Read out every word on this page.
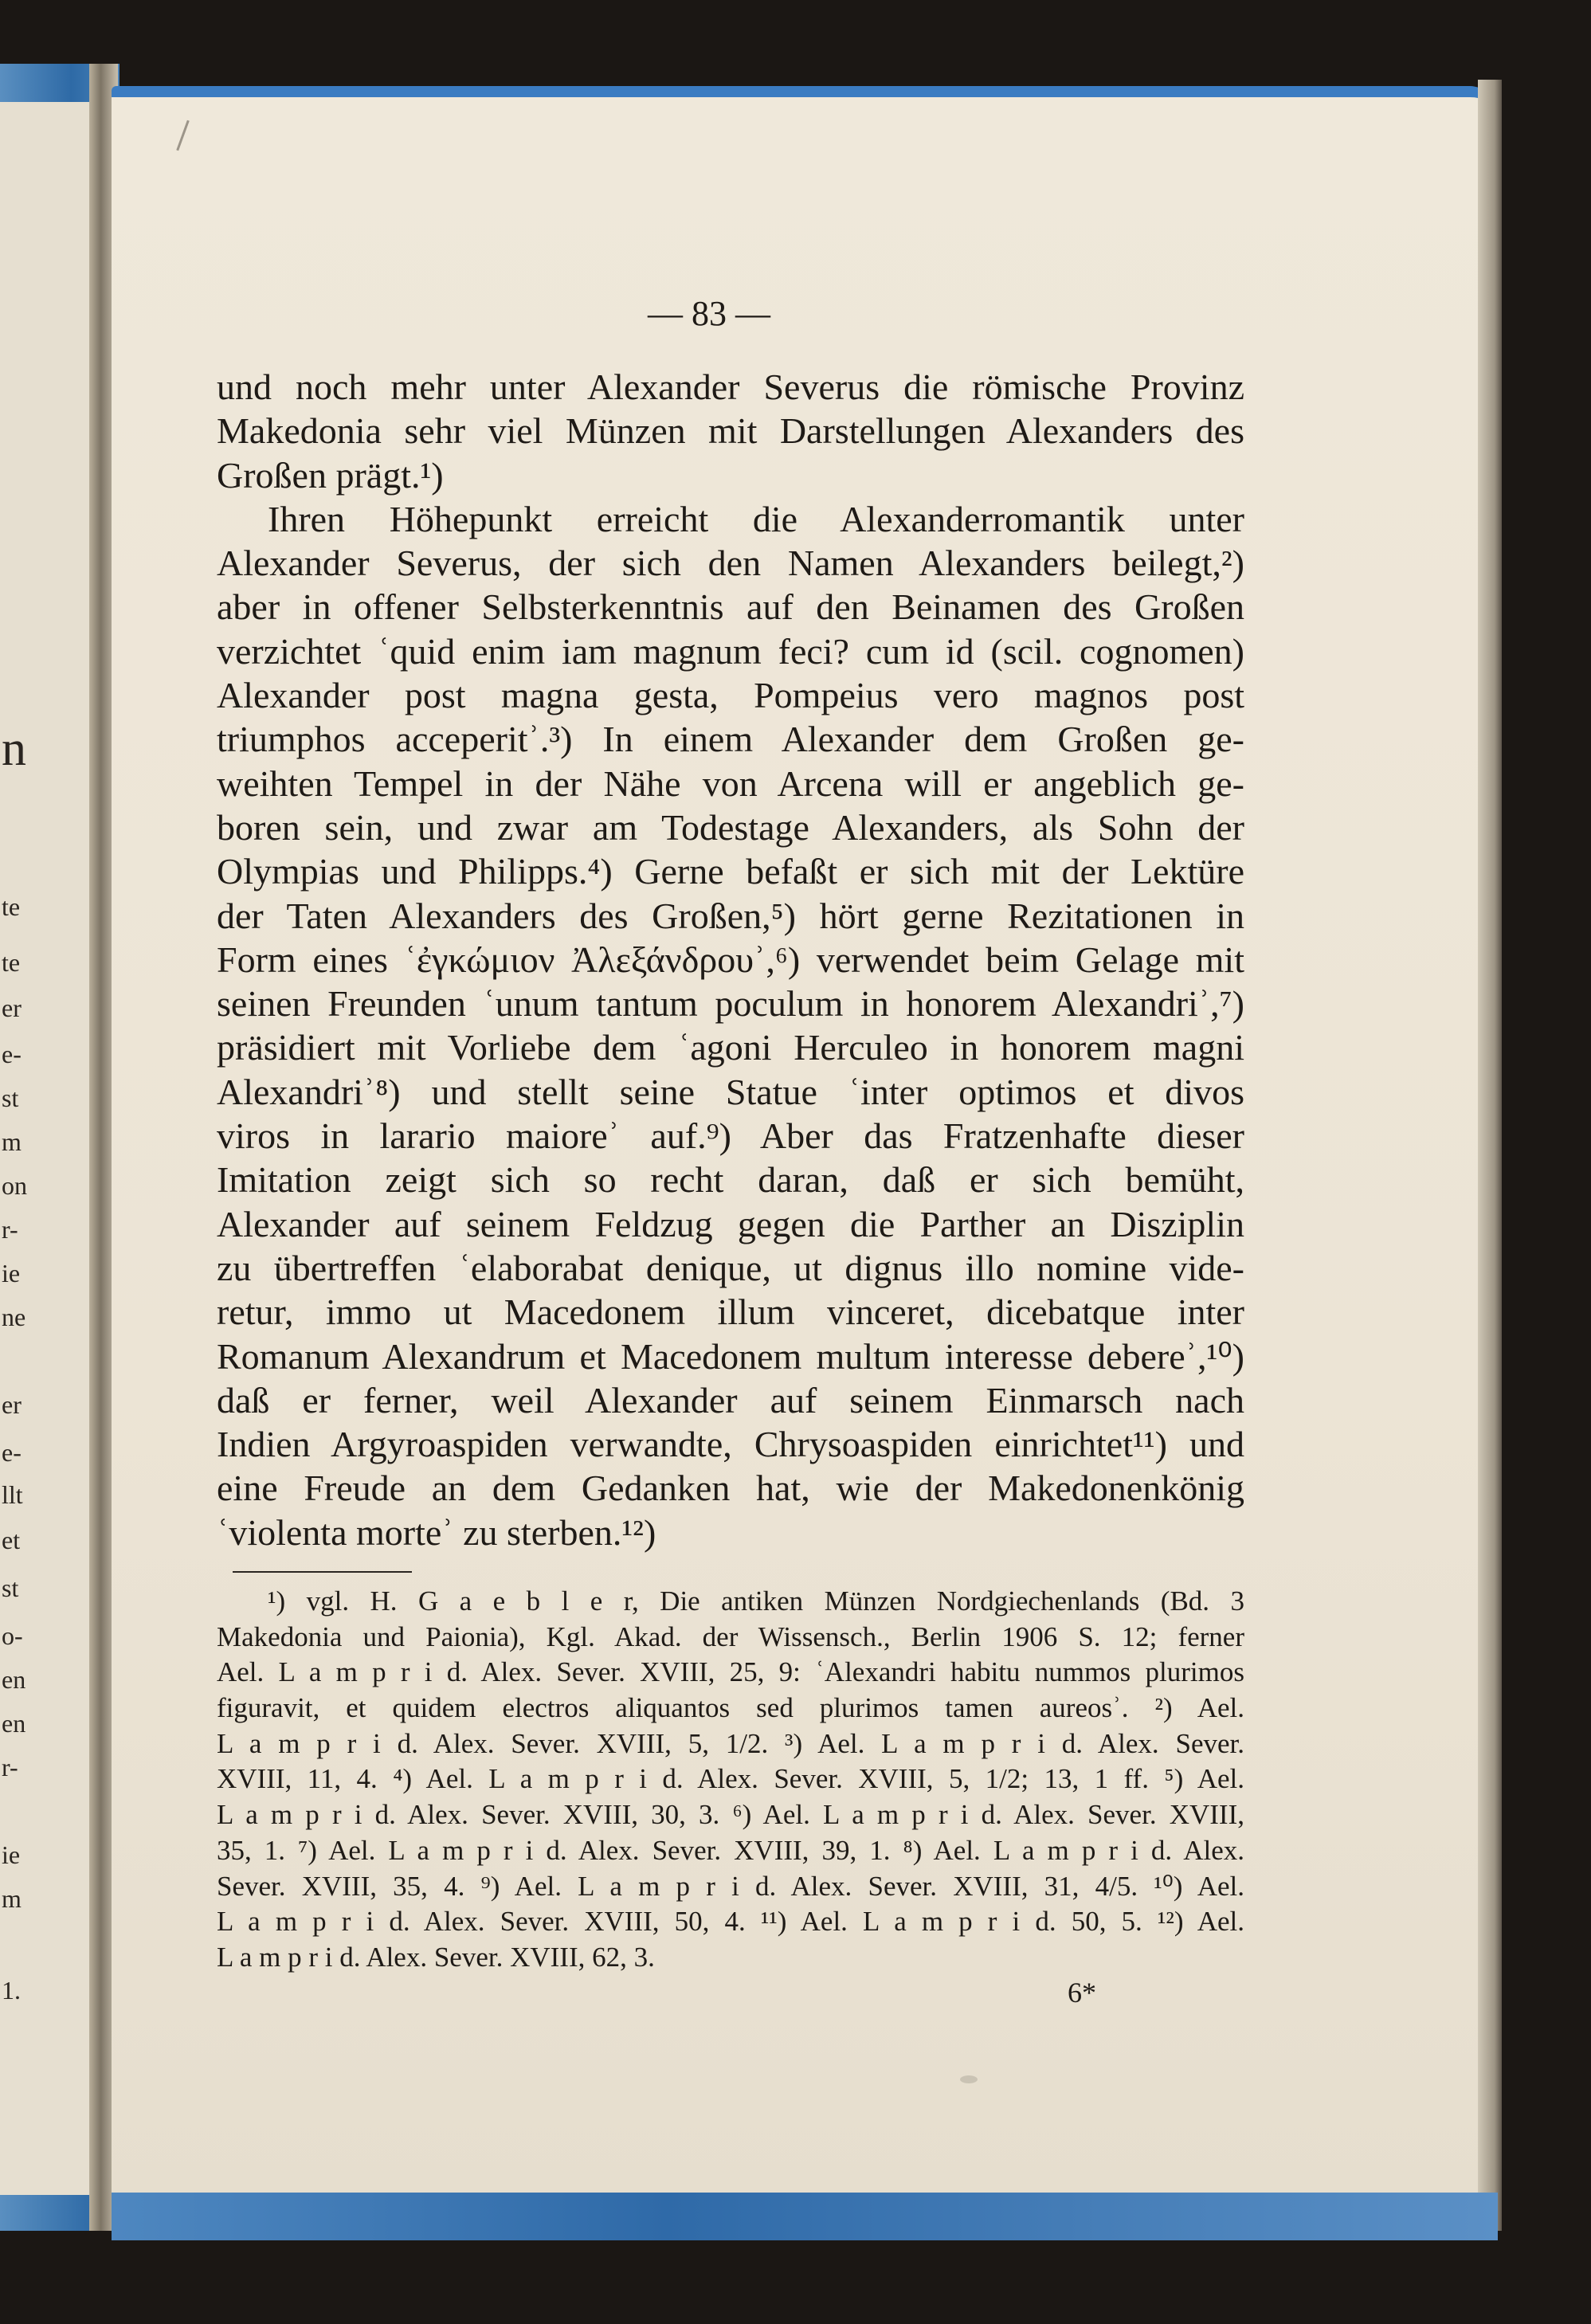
n
te
te
er
e-
st
m
on
r-
ie
ne
er
e-
llt
et
st
o-
en
en
r-
ie
m
1.
— 83 —
und noch mehr unter Alexander Severus die römische Provinz
Makedonia sehr viel Münzen mit Darstellungen Alexanders des
Großen prägt.¹)
Ihren Höhepunkt erreicht die Alexanderromantik unter
Alexander Severus, der sich den Namen Alexanders beilegt,²)
aber in offener Selbsterkenntnis auf den Beinamen des Großen
verzichtet ʿquid enim iam magnum feci? cum id (scil. cognomen)
Alexander post magna gesta, Pompeius vero magnos post
triumphos acceperitʾ.³) In einem Alexander dem Großen ge-
weihten Tempel in der Nähe von Arcena will er angeblich ge-
boren sein, und zwar am Todestage Alexanders, als Sohn der
Olympias und Philipps.⁴) Gerne befaßt er sich mit der Lektüre
der Taten Alexanders des Großen,⁵) hört gerne Rezitationen in
Form eines ʿἐγκώμιον Ἀλεξάνδρουʾ,⁶) verwendet beim Gelage mit
seinen Freunden ʿunum tantum poculum in honorem Alexandriʾ,⁷)
präsidiert mit Vorliebe dem ʿagoni Herculeo in honorem magni
Alexandriʾ⁸) und stellt seine Statue ʿinter optimos et divos
viros in larario maioreʾ auf.⁹) Aber das Fratzenhafte dieser
Imitation zeigt sich so recht daran, daß er sich bemüht,
Alexander auf seinem Feldzug gegen die Parther an Disziplin
zu übertreffen ʿelaborabat denique, ut dignus illo nomine vide-
retur, immo ut Macedonem illum vinceret, dicebatque inter
Romanum Alexandrum et Macedonem multum interesse debereʾ,¹⁰)
daß er ferner, weil Alexander auf seinem Einmarsch nach
Indien Argyroaspiden verwandte, Chrysoaspiden einrichtet¹¹) und
eine Freude an dem Gedanken hat, wie der Makedonenkönig
ʿviolenta morteʾ zu sterben.¹²)
¹) vgl. H. G a e b l e r, Die antiken Münzen Nordgiechenlands (Bd. 3
Makedonia und Paionia), Kgl. Akad. der Wissensch., Berlin 1906 S. 12; ferner
Ael. L a m p r i d. Alex. Sever. XVIII, 25, 9: ʿAlexandri habitu nummos plurimos
figuravit, et quidem electros aliquantos sed plurimos tamen aureosʾ. ²) Ael.
L a m p r i d. Alex. Sever. XVIII, 5, 1/2. ³) Ael. L a m p r i d. Alex. Sever.
XVIII, 11, 4. ⁴) Ael. L a m p r i d. Alex. Sever. XVIII, 5, 1/2; 13, 1 ff. ⁵) Ael.
L a m p r i d. Alex. Sever. XVIII, 30, 3. ⁶) Ael. L a m p r i d. Alex. Sever. XVIII,
35, 1. ⁷) Ael. L a m p r i d. Alex. Sever. XVIII, 39, 1. ⁸) Ael. L a m p r i d. Alex.
Sever. XVIII, 35, 4. ⁹) Ael. L a m p r i d. Alex. Sever. XVIII, 31, 4/5. ¹⁰) Ael.
L a m p r i d. Alex. Sever. XVIII, 50, 4. ¹¹) Ael. L a m p r i d. 50, 5. ¹²) Ael.
L a m p r i d. Alex. Sever. XVIII, 62, 3.
6*
